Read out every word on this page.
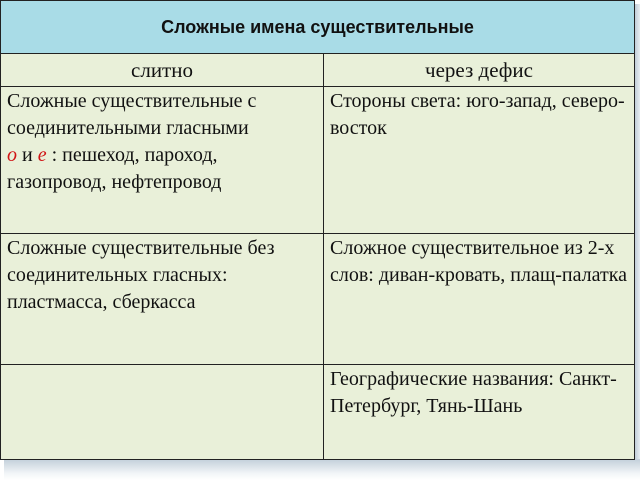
Сложные имена существительные	
слитно	через дефис
Сложные существительные с соединительными гласными
о и е : пешеход, пароход, газопровод, нефтепровод	Стороны света: юго-запад, северо-восток
Сложные существительные без соединительных гласных: пластмасса, сберкасса	Сложное существительное из 2-х слов: диван-кровать, плащ-палатка
	Географические названия: Санкт- Петербург, Тянь-Шань
